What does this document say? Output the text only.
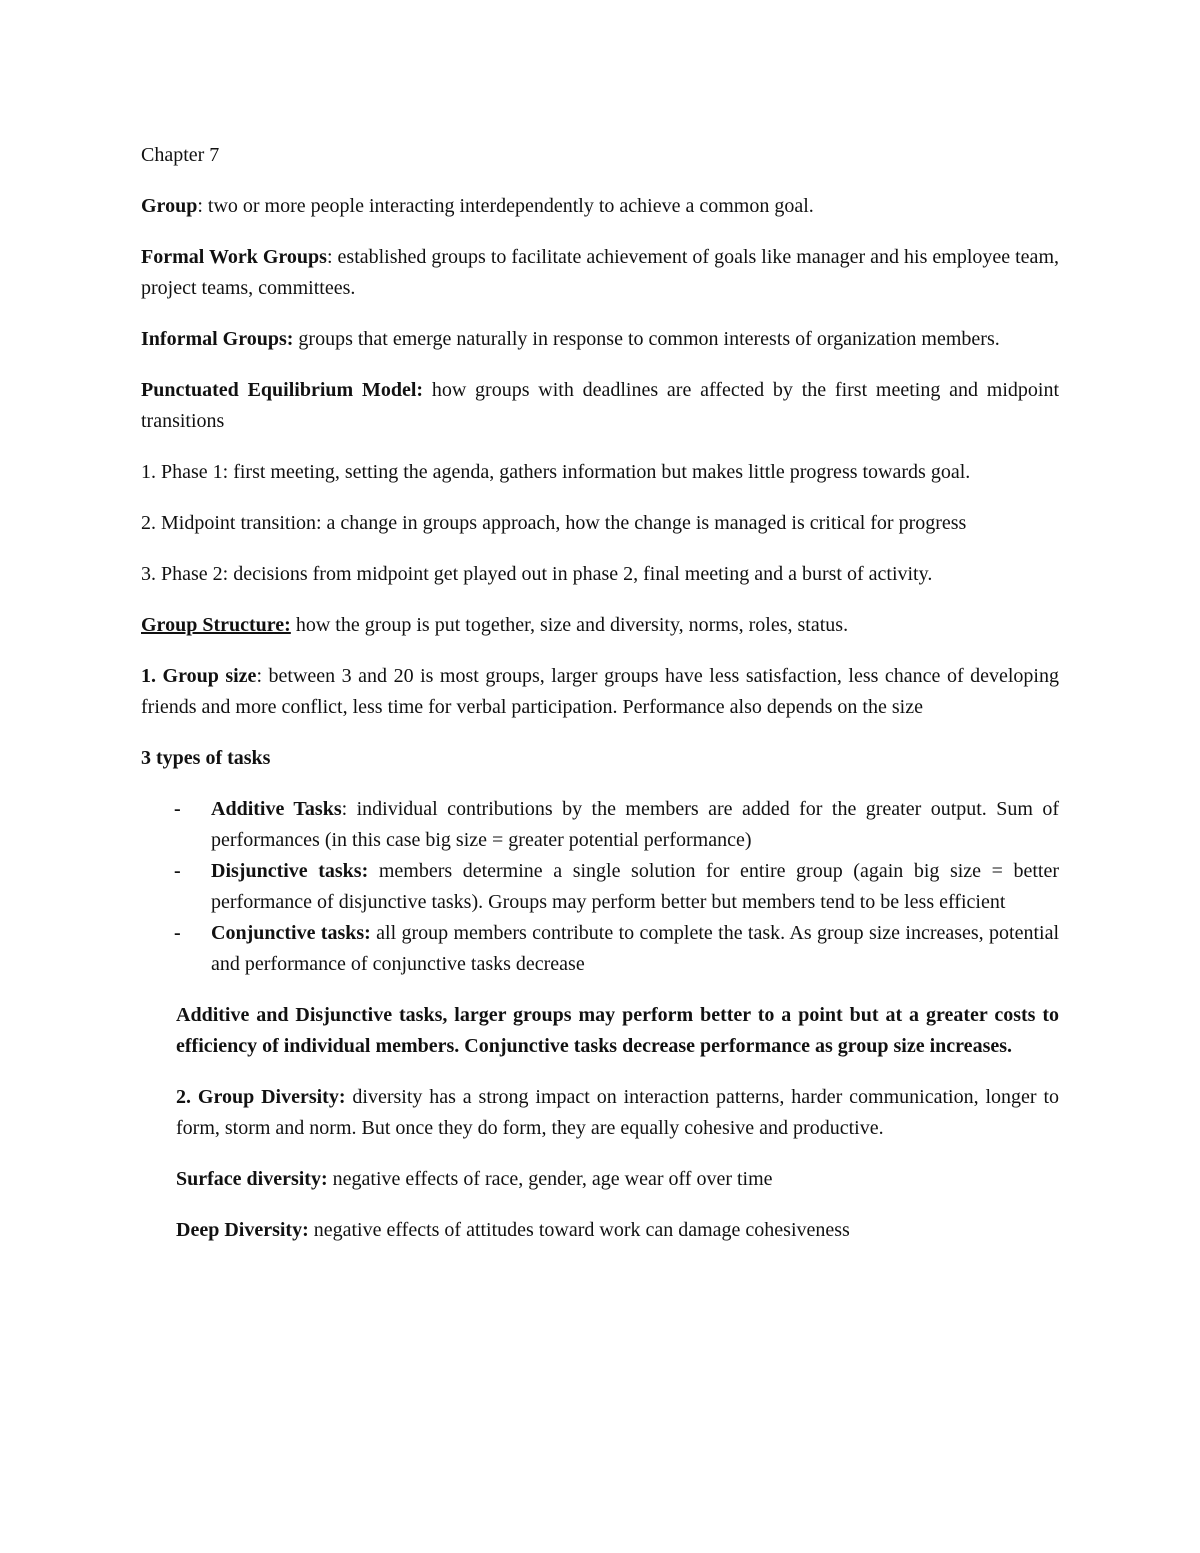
Chapter 7

Group: two or more people interacting interdependently to achieve a common goal.

Formal Work Groups: established groups to facilitate achievement of goals like manager and his employee team, project teams, committees.

Informal Groups: groups that emerge naturally in response to common interests of organization members.

Punctuated Equilibrium Model: how groups with deadlines are affected by the first meeting and midpoint transitions

1. Phase 1: first meeting, setting the agenda, gathers information but makes little progress towards goal.

2. Midpoint transition: a change in groups approach, how the change is managed is critical for progress

3. Phase 2: decisions from midpoint get played out in phase 2, final meeting and a burst of activity.

Group Structure: how the group is put together, size and diversity, norms, roles, status.

1. Group size: between 3 and 20 is most groups, larger groups have less satisfaction, less chance of developing friends and more conflict, less time for verbal participation. Performance also depends on the size

3 types of tasks

- Additive Tasks: individual contributions by the members are added for the greater output. Sum of performances (in this case big size = greater potential performance)
- Disjunctive tasks: members determine a single solution for entire group (again big size = better performance of disjunctive tasks). Groups may perform better but members tend to be less efficient
- Conjunctive tasks: all group members contribute to complete the task. As group size increases, potential and performance of conjunctive tasks decrease

Additive and Disjunctive tasks, larger groups may perform better to a point but at a greater costs to efficiency of individual members. Conjunctive tasks decrease performance as group size increases.

2. Group Diversity: diversity has a strong impact on interaction patterns, harder communication, longer to form, storm and norm. But once they do form, they are equally cohesive and productive.

Surface diversity: negative effects of race, gender, age wear off over time

Deep Diversity: negative effects of attitudes toward work can damage cohesiveness
